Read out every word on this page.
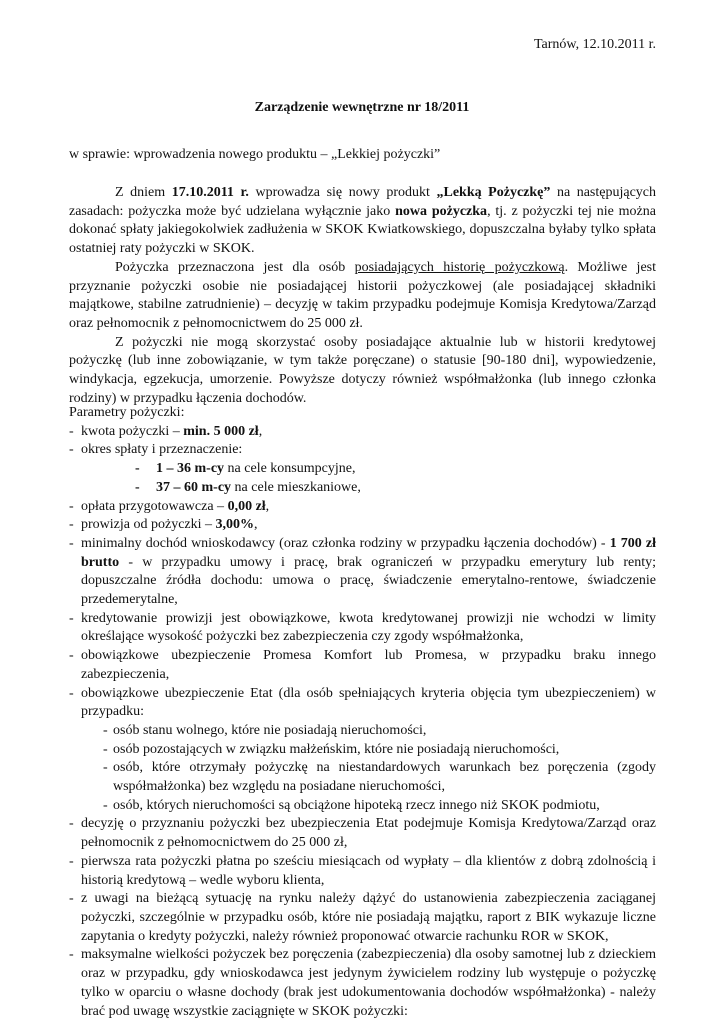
Tarnów, 12.10.2011 r.
Zarządzenie wewnętrzne nr 18/2011
w sprawie: wprowadzenia nowego produktu – „Lekkiej pożyczki”

Z dniem 17.10.2011 r. wprowadza się nowy produkt „Lekką Pożyczkę” na następujących zasadach: pożyczka może być udzielana wyłącznie jako nowa pożyczka, tj. z pożyczki tej nie można dokonać spłaty jakiegokolwiek zadłużenia w SKOK Kwiatkowskiego, dopuszczalna byłaby tylko spłata ostatniej raty pożyczki w SKOK.

Pożyczka przeznaczona jest dla osób posiadających historię pożyczkową. Możliwe jest przyznanie pożyczki osobie nie posiadającej historii pożyczkowej (ale posiadającej składniki majątkowe, stabilne zatrudnienie) – decyzję w takim przypadku podejmuje Komisja Kredytowa/Zarząd oraz pełnomocnik z pełnomocnictwem do 25 000 zł.

Z pożyczki nie mogą skorzystać osoby posiadające aktualnie lub w historii kredytowej pożyczkę (lub inne zobowiązanie, w tym także poręczane) o statusie [90-180 dni], wypowiedzenie, windykacja, egzekucja, umorzenie. Powyższe dotyczy również współmałżonka (lub innego członka rodziny) w przypadku łączenia dochodów.

Parametry pożyczki:

- kwota pożyczki – min. 5 000 zł,
- okres spłaty i przeznaczenie:
- 1 – 36 m-cy na cele konsumpcyjne,
- 37 – 60 m-cy na cele mieszkaniowe,
- opłata przygotowawcza – 0,00 zł,
- prowizja od pożyczki – 3,00%,
- minimalny dochód wnioskodawcy (oraz członka rodziny w przypadku łączenia dochodów) - 1 700 zł brutto - w przypadku umowy i pracę, brak ograniczeń w przypadku emerytury lub renty; dopuszczalne źródła dochodu: umowa o pracę, świadczenie emerytalno-rentowe, świadczenie przedemerytalne,
- kredytowanie prowizji jest obowiązkowe, kwota kredytowanej prowizji nie wchodzi w limity określające wysokość pożyczki bez zabezpieczenia czy zgody współmałżonka,
- obowiązkowe ubezpieczenie Promesa Komfort lub Promesa, w przypadku braku innego zabezpieczenia,
- obowiązkowe ubezpieczenie Etat (dla osób spełniających kryteria objęcia tym ubezpieczeniem) w przypadku:
- osób stanu wolnego, które nie posiadają nieruchomości,
- osób pozostających w związku małżeńskim, które nie posiadają nieruchomości,
- osób, które otrzymały pożyczkę na niestandardowych warunkach bez poręczenia (zgody współmałżonka) bez względu na posiadane nieruchomości,
- osób, których nieruchomości są obciążone hipoteką rzecz innego niż SKOK podmiotu,
- decyzję o przyznaniu pożyczki bez ubezpieczenia Etat podejmuje Komisja Kredytowa/Zarząd oraz pełnomocnik z pełnomocnictwem do 25 000 zł,
- pierwsza rata pożyczki płatna po sześciu miesiącach od wypłaty – dla klientów z dobrą zdolnością i historią kredytową – wedle wyboru klienta,
- z uwagi na bieżącą sytuację na rynku należy dążyć do ustanowienia zabezpieczenia zaciąganej pożyczki, szczególnie w przypadku osób, które nie posiadają majątku, raport z BIK wykazuje liczne zapytania o kredyty pożyczki, należy również proponować otwarcie rachunku ROR w SKOK,
- maksymalne wielkości pożyczek bez poręczenia (zabezpieczenia) dla osoby samotnej lub z dzieckiem oraz w przypadku, gdy wnioskodawca jest jedynym żywicielem rodziny lub występuje o pożyczkę tylko w oparciu o własne dochody (brak jest udokumentowania dochodów współmałżonka) - należy brać pod uwagę wszystkie zaciągnięte w SKOK pożyczki:
